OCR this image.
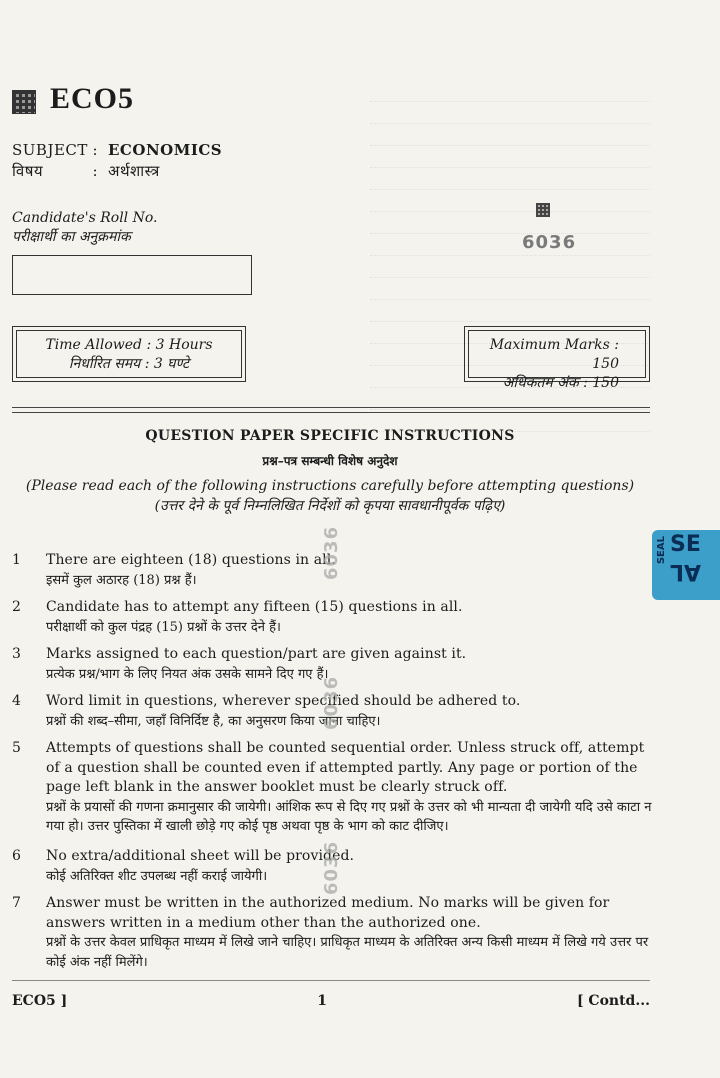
ECO5
SUBJECT : ECONOMICS
विषय	: अर्थशास्त्र
Candidate's Roll No.
परीक्षार्थी का अनुक्रमांक	6036
Time Allowed : 3 Hours
निर्धारित समय : 3 घण्टे
Maximum Marks : 150
अधिकतम अंक : 150
QUESTION PAPER SPECIFIC INSTRUCTIONS
प्रश्न–पत्र सम्बन्धी विशेष अनुदेश
(Please read each of the following instructions carefully before attempting questions)
(उत्तर देने के पूर्व निम्नलिखित निर्देशों को कृपया सावधानीपूर्वक पढ़िए)
1	There are eighteen (18) questions in all.
इसमें कुल अठारह (18) प्रश्न हैं।
2	Candidate has to attempt any fifteen (15) questions in all.
परीक्षार्थी को कुल पंद्रह (15) प्रश्नों के उत्तर देने हैं।
3	Marks assigned to each question/part are given against it.
प्रत्येक प्रश्न/भाग के लिए नियत अंक उसके सामने दिए गए हैं।
4	Word limit in questions, wherever specified should be adhered to.
प्रश्नों की शब्द–सीमा, जहाँ विनिर्दिष्ट है, का अनुसरण किया जाना चाहिए।
5	Attempts of questions shall be counted sequential order. Unless struck off, attempt of a question shall be counted even if attempted partly. Any page or portion of the page left blank in the answer booklet must be clearly struck off.
प्रश्नों के प्रयासों की गणना क्रमानुसार की जायेगी। आंशिक रूप से दिए गए प्रश्नों के उत्तर को भी मान्यता दी जायेगी यदि उसे काटा न गया हो। उत्तर पुस्तिका में खाली छोड़े गए कोई पृष्ठ अथवा पृष्ठ के भाग को काट दीजिए।
6	No extra/additional sheet will be provided.
कोई अतिरिक्त शीट उपलब्ध नहीं कराई जायेगी।
7	Answer must be written in the authorized medium. No marks will be given for answers written in a medium other than the authorized one.
प्रश्नों के उत्तर केवल प्राधिकृत माध्यम में लिखे जाने चाहिए। प्राधिकृत माध्यम के अतिरिक्त अन्य किसी माध्यम में लिखे गये उत्तर पर कोई अंक नहीं मिलेंगे।
6036
6036
6036
SEAL SE
AL
ECO5 ]	1	[ Contd...
